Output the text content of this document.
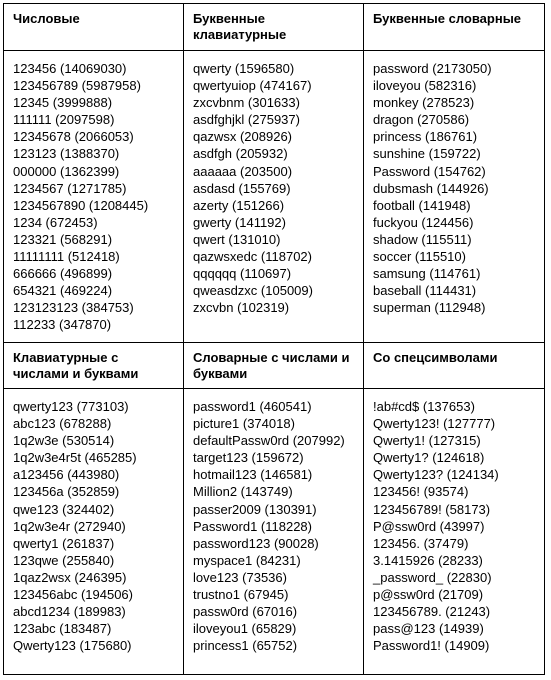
Числовые	Буквенные клавиатурные
Буквенные словарные
123456 (14069030)
123456789 (5987958)
12345 (3999888)
111111 (2097598)
12345678 (2066053)
123123 (1388370)
000000 (1362399)
1234567 (1271785)
1234567890 (1208445)
1234 (672453)
123321 (568291)
11111111 (512418)
666666 (496899)
654321 (469224)
123123123 (384753)
112233 (347870)
qwerty (1596580)
qwertyuiop (474167)
zxcvbnm (301633)
asdfghjkl (275937)
qazwsx (208926)
asdfgh (205932)
aaaaaa (203500)
asdasd (155769)
azerty (151266)
gwerty (141192)
qwert (131010)
qazwsxedc (118702)
qqqqqq (110697)
qweasdzxc (105009)
zxcvbn (102319)
password (2173050)
iloveyou (582316)
monkey (278523)
dragon (270586)
princess (186761)
sunshine (159722)
Password (154762)
dubsmash (144926)
football (141948)
fuckyou (124456)
shadow (115511)
soccer (115510)
samsung (114761)
baseball (114431)
superman (112948)
Клавиатурные с числами и буквами
Словарные с числами и буквами
Со спецсимволами
qwerty123 (773103)
abc123 (678288)
1q2w3e (530514)
1q2w3e4r5t (465285)
a123456 (443980)
123456a (352859)
qwe123 (324402)
1q2w3e4r (272940)
qwerty1 (261837)
123qwe (255840)
1qaz2wsx (246395)
123456abc (194506)
abcd1234 (189983)
123abc (183487)
Qwerty123 (175680)
password1 (460541)
picture1 (374018)
defaultPassw0rd (207992)
target123 (159672)
hotmail123 (146581)
Million2 (143749)
passer2009 (130391)
Password1 (118228)
password123 (90028)
myspace1 (84231)
love123 (73536)
trustno1 (67945)
passw0rd (67016)
iloveyou1 (65829)
princess1 (65752)
!ab#cd$ (137653)
Qwerty123! (127777)
Qwerty1! (127315)
Qwerty1? (124618)
Qwerty123? (124134)
123456! (93574)
123456789! (58173)
P@ssw0rd (43997)
123456. (37479)
3.1415926 (28233)
_password_ (22830)
p@ssw0rd (21709)
123456789. (21243)
pass@123 (14939)
Password1! (14909)
